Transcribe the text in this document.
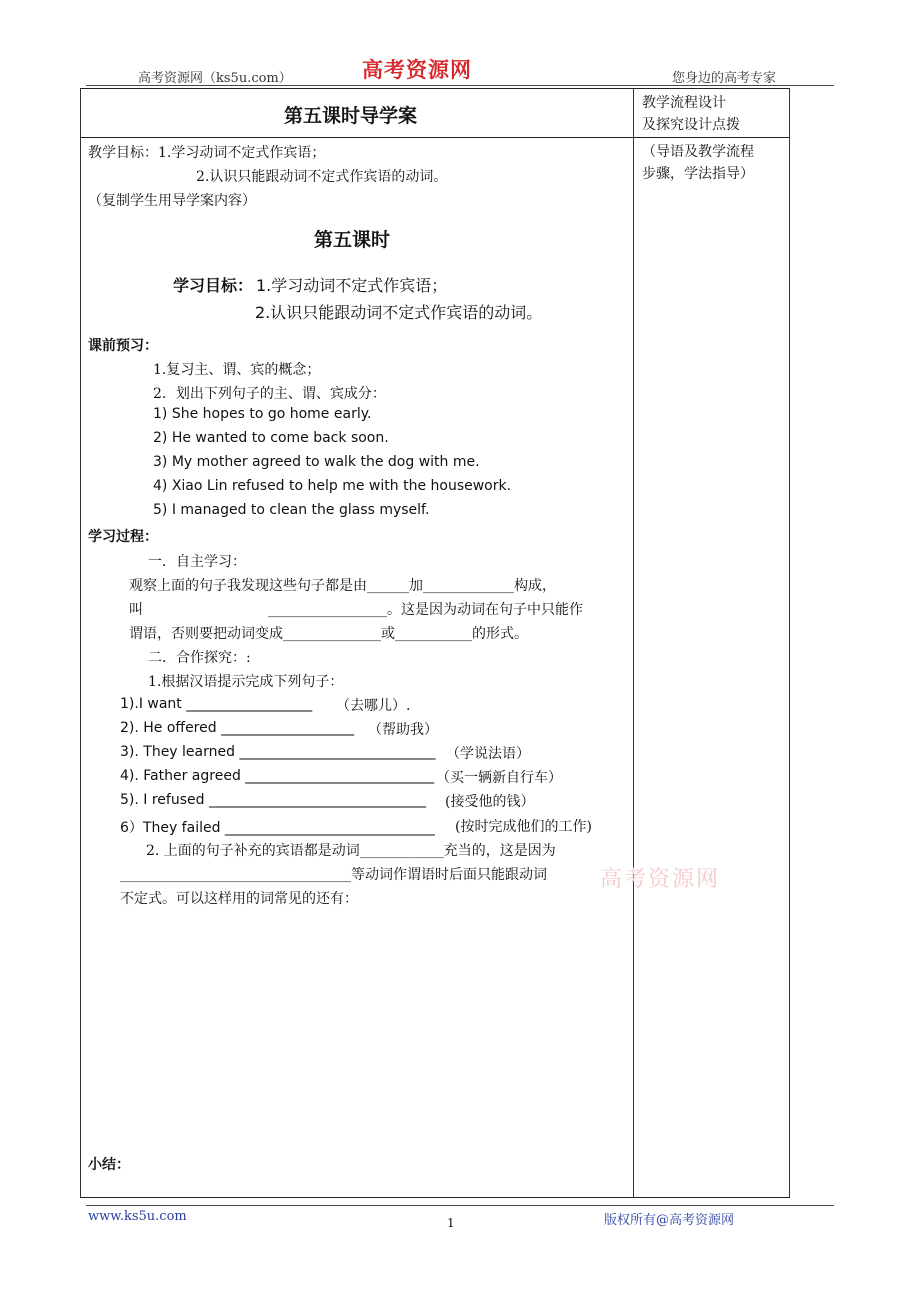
高考资源网（ks5u.com）	高考资源网	您身边的高考专家
第五课时导学案
教学流程设计
及探究设计点拨
（导语及教学流程
步骤，学法指导）
教学目标：1.学习动词不定式作宾语；
2.认识只能跟动词不定式作宾语的动词。
（复制学生用导学案内容）
第五课时
学习目标： 1.学习动词不定式作宾语；
2.认识只能跟动词不定式作宾语的动词。
课前预习：
1.复习主、谓、宾的概念；
2．划出下列句子的主、谓、宾成分：
1) She hopes to go home early.
2) He wanted to come back soon.
3) My mother agreed to walk the dog with me.
4) Xiao Lin refused to help me with the housework.
5) I managed to clean the glass myself.
学习过程：
一．自主学习：
观察上面的句子我发现这些句子都是由______加_____________构成，
叫	_________________。这是因为动词在句子中只能作
谓语，否则要把动词变成______________或___________的形式。
二．合作探究：:
1.根据汉语提示完成下列句子：
1).I want __________________ （去哪儿）.
2). He offered ___________________ （帮助我）
3). They learned ____________________________ （学说法语）
4). Father agreed ___________________________ （买一辆新自行车）
5). I refused _______________________________ (接受他的钱）
6）They failed ______________________________ (按时完成他们的工作)
2. 上面的句子补充的宾语都是动词____________充当的，这是因为
_________________________________等动词作谓语时后面只能跟动词
不定式。可以这样用的词常见的还有：
高考资源网
小结：
www.ks5u.com	1	版权所有@高考资源网
